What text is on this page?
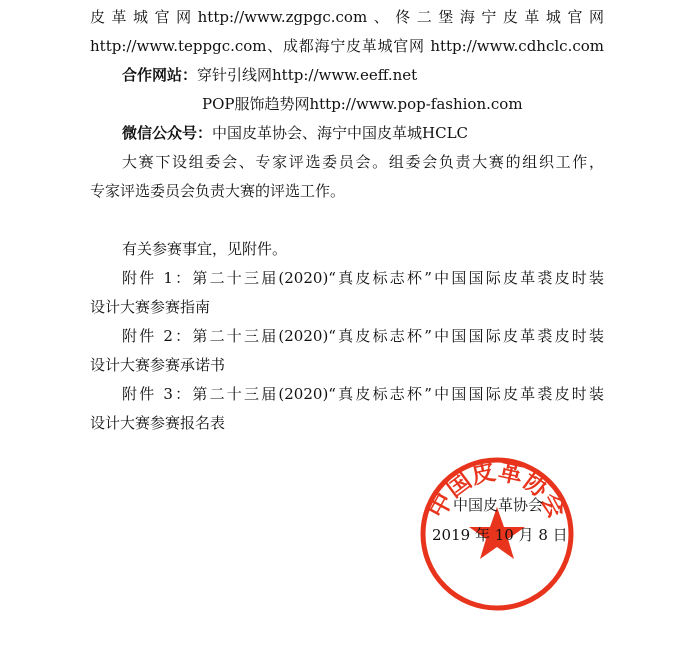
皮革城官网http://www.zgpgc.com、佟二堡海宁皮革城官网
http://www.teppgc.com、成都海宁皮革城官网 http://www.cdhclc.com
合作网站：穿针引线网http://www.eeff.net
POP服饰趋势网http://www.pop-fashion.com
微信公众号：中国皮革协会、海宁中国皮革城HCLC
大赛下设组委会、专家评选委员会。组委会负责大赛的组织工作，
专家评选委员会负责大赛的评选工作。
有关参赛事宜，见附件。
附件 1：第二十三届(2020)“真皮标志杯”中国国际皮革裘皮时装
设计大赛参赛指南
附件 2：第二十三届(2020)“真皮标志杯”中国国际皮革裘皮时装
设计大赛参赛承诺书
附件 3：第二十三届(2020)“真皮标志杯”中国国际皮革裘皮时装
设计大赛参赛报名表
中国皮革协会
中国皮革协会
2019 年 10 月 8 日
